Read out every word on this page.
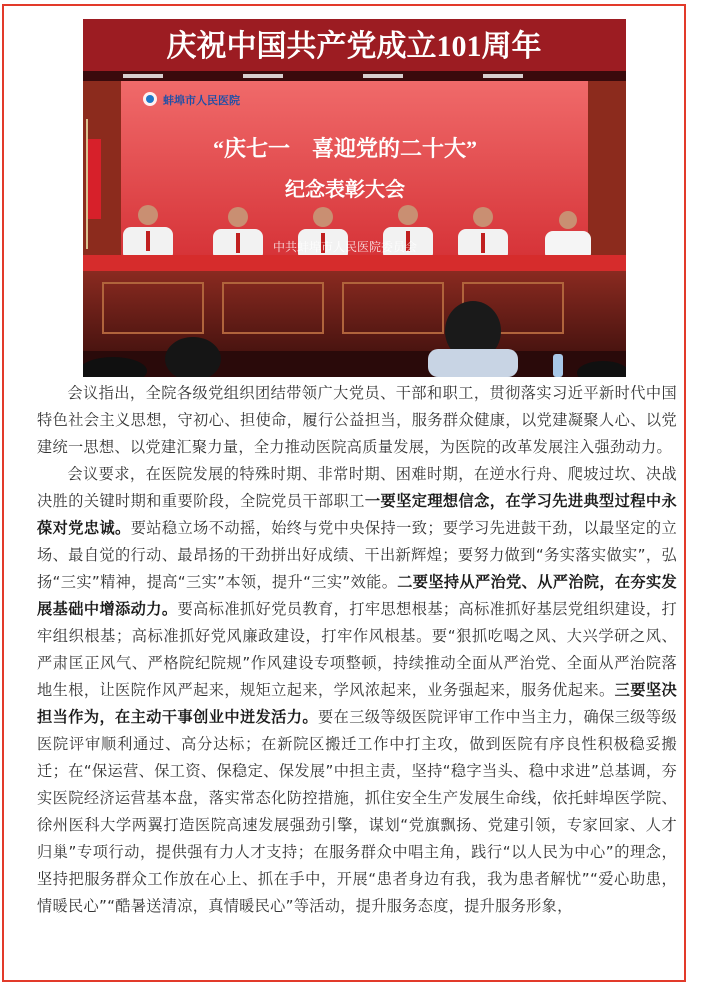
庆祝中国共产党成立101周年
蚌埠市人民医院
“庆七一　喜迎党的二十大”
纪念表彰大会
中共蚌埠市人民医院委员会

会议指出，全院各级党组织团结带领广大党员、干部和职工，贯彻落实习近平新时代中国特色社会主义思想，守初心、担使命，履行公益担当，服务群众健康，以党建凝聚人心、以党建统一思想、以党建汇聚力量，全力推动医院高质量发展，为医院的改革发展注入强劲动力。

会议要求，在医院发展的特殊时期、非常时期、困难时期，在逆水行舟、爬坡过坎、决战决胜的关键时期和重要阶段，全院党员干部职工一要坚定理想信念，在学习先进典型过程中永葆对党忠诚。要站稳立场不动摇，始终与党中央保持一致；要学习先进鼓干劲，以最坚定的立场、最自觉的行动、最昂扬的干劲拼出好成绩、干出新辉煌；要努力做到“务实落实做实”，弘扬“三实”精神，提高“三实”本领，提升“三实”效能。二要坚持从严治党、从严治院，在夯实发展基础中增添动力。要高标准抓好党员教育，打牢思想根基；高标准抓好基层党组织建设，打牢组织根基；高标准抓好党风廉政建设，打牢作风根基。要“狠抓吃喝之风、大兴学研之风、严肃匡正风气、严格院纪院规”作风建设专项整顿，持续推动全面从严治党、全面从严治院落地生根，让医院作风严起来，规矩立起来，学风浓起来，业务强起来，服务优起来。三要坚决担当作为，在主动干事创业中迸发活力。要在三级等级医院评审工作中当主力，确保三级等级医院评审顺利通过、高分达标；在新院区搬迁工作中打主攻，做到医院有序良性积极稳妥搬迁；在“保运营、保工资、保稳定、保发展”中担主责，坚持“稳字当头、稳中求进”总基调，夯实医院经济运营基本盘，落实常态化防控措施，抓住安全生产发展生命线，依托蚌埠医学院、徐州医科大学两翼打造医院高速发展强劲引擎，谋划“党旗飘扬、党建引领，专家回家、人才归巢”专项行动，提供强有力人才支持；在服务群众中唱主角，践行“以人民为中心”的理念，坚持把服务群众工作放在心上、抓在手中，开展“患者身边有我，我为患者解忧”“爱心助患，情暖民心”“酷暑送清凉，真情暖民心”等活动，提升服务态度，提升服务形象，
